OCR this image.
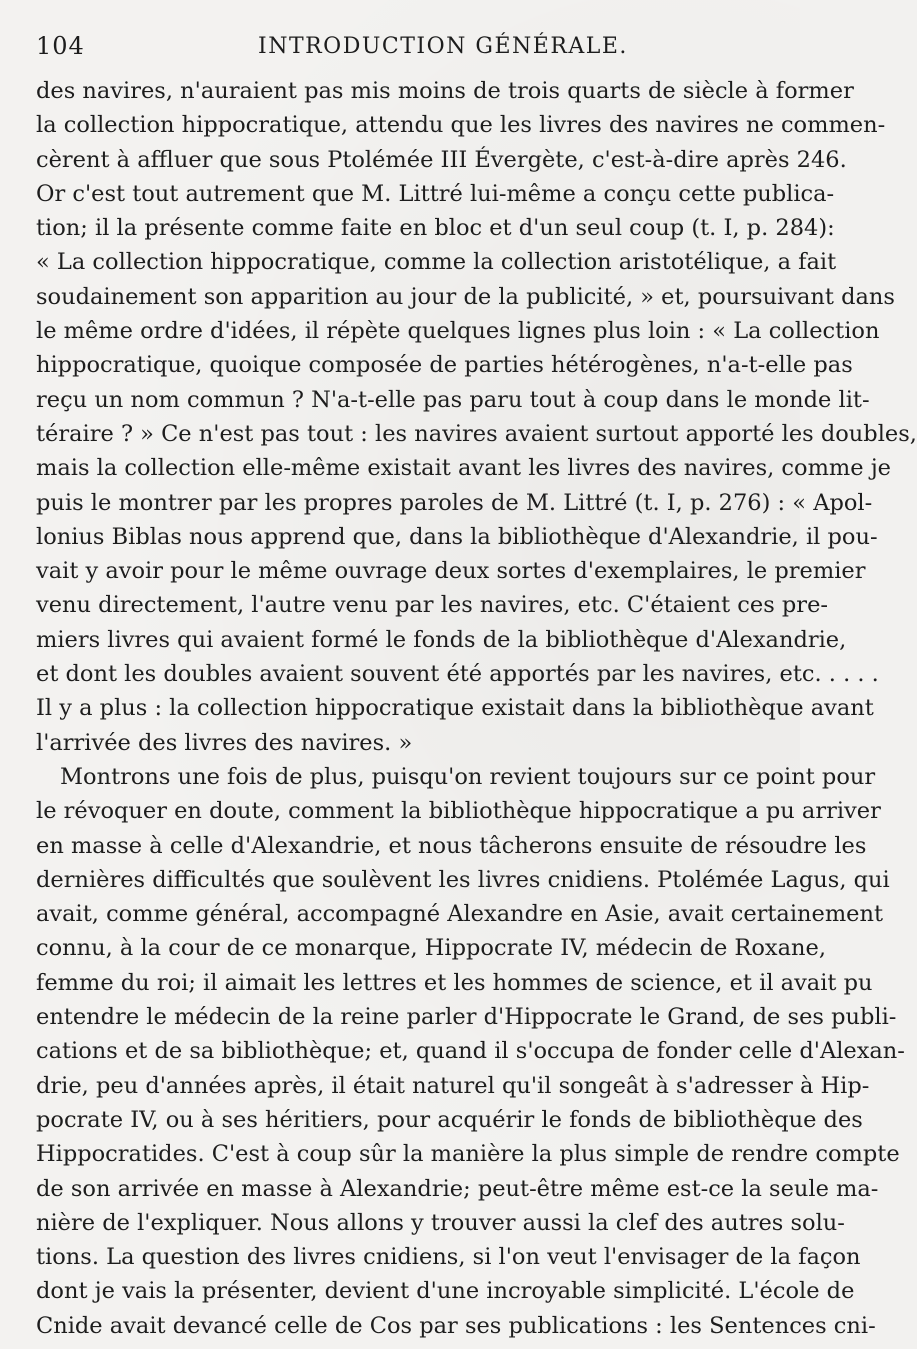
104	INTRODUCTION GÉNÉRALE.
des navires, n'auraient pas mis moins de trois quarts de siècle à former
la collection hippocratique, attendu que les livres des navires ne commen-
cèrent à affluer que sous Ptolémée III Évergète, c'est-à-dire après 246.
Or c'est tout autrement que M. Littré lui-même a conçu cette publica-
tion; il la présente comme faite en bloc et d'un seul coup (t. I, p. 284):
« La collection hippocratique, comme la collection aristotélique, a fait
soudainement son apparition au jour de la publicité, » et, poursuivant dans
le même ordre d'idées, il répète quelques lignes plus loin : « La collection
hippocratique, quoique composée de parties hétérogènes, n'a-t-elle pas
reçu un nom commun ? N'a-t-elle pas paru tout à coup dans le monde lit-
téraire ? » Ce n'est pas tout : les navires avaient surtout apporté les doubles,
mais la collection elle-même existait avant les livres des navires, comme je
puis le montrer par les propres paroles de M. Littré (t. I, p. 276) : « Apol-
lonius Biblas nous apprend que, dans la bibliothèque d'Alexandrie, il pou-
vait y avoir pour le même ouvrage deux sortes d'exemplaires, le premier
venu directement, l'autre venu par les navires, etc. C'étaient ces pre-
miers livres qui avaient formé le fonds de la bibliothèque d'Alexandrie,
et dont les doubles avaient souvent été apportés par les navires, etc. . . . .
Il y a plus : la collection hippocratique existait dans la bibliothèque avant
l'arrivée des livres des navires. »
Montrons une fois de plus, puisqu'on revient toujours sur ce point pour
le révoquer en doute, comment la bibliothèque hippocratique a pu arriver
en masse à celle d'Alexandrie, et nous tâcherons ensuite de résoudre les
dernières difficultés que soulèvent les livres cnidiens. Ptolémée Lagus, qui
avait, comme général, accompagné Alexandre en Asie, avait certainement
connu, à la cour de ce monarque, Hippocrate IV, médecin de Roxane,
femme du roi; il aimait les lettres et les hommes de science, et il avait pu
entendre le médecin de la reine parler d'Hippocrate le Grand, de ses publi-
cations et de sa bibliothèque; et, quand il s'occupa de fonder celle d'Alexan-
drie, peu d'années après, il était naturel qu'il songeât à s'adresser à Hip-
pocrate IV, ou à ses héritiers, pour acquérir le fonds de bibliothèque des
Hippocratides. C'est à coup sûr la manière la plus simple de rendre compte
de son arrivée en masse à Alexandrie; peut-être même est-ce la seule ma-
nière de l'expliquer. Nous allons y trouver aussi la clef des autres solu-
tions. La question des livres cnidiens, si l'on veut l'envisager de la façon
dont je vais la présenter, devient d'une incroyable simplicité. L'école de
Cnide avait devancé celle de Cos par ses publications : les Sentences cni-
